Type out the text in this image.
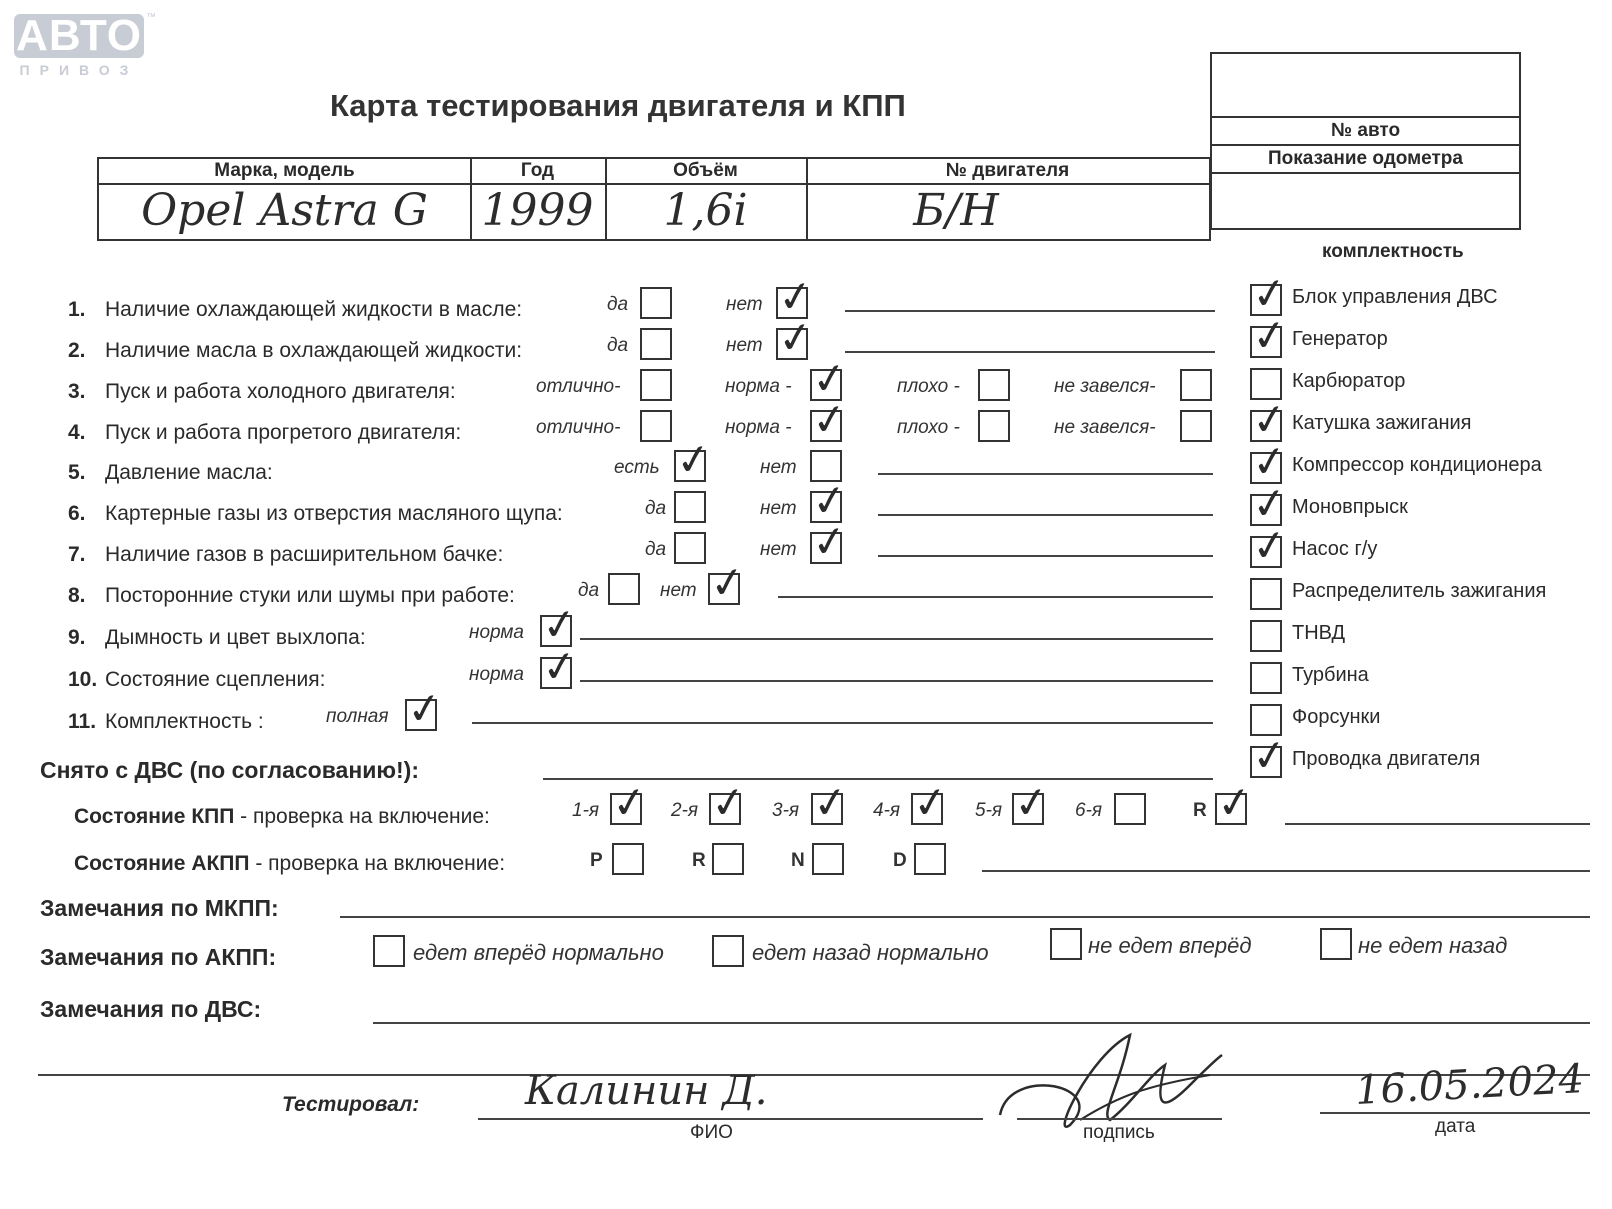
АВТО
ПРИВОЗ
™
Карта тестирования двигателя и КПП
Марка, модель	Год	Объём	№ двигателя
Opel Astra G	1999	1,6i	Б/Н
№ авто
Показание одометра
комплектность
Снято с ДВС (по согласованию!):
Состояние КПП - проверка на включение:
Состояние АКПП - проверка на включение:
Замечания по МКПП:
Замечания по АКПП:
Замечания по ДВС:
Тестировал:	Калинин Д.
ФИО	подпись
16.05.2024
дата
✓ Блок управления ДВС
✓ Генератор
Карбюратор
✓ Катушка зажигания
✓ Компрессор кондиционера
✓ Моновпрыск
✓ Насос г/у
Распределитель зажигания
ТНВД
Турбина
Форсунки
✓ Проводка двигателя
1. Наличие охлаждающей жидкости в масле:	да	нет ✓
2. Наличие масла в охлаждающей жидкости:	да	нет ✓
3. Пуск и работа холодного двигателя:	отлично-	норма - ✓ плохо -	не завелся-
4. Пуск и работа прогретого двигателя:	отлично-	норма - ✓ плохо -	не завелся-
5. Давление масла:	есть ✓ нет
6. Картерные газы из отверстия масляного щупа:	да	нет ✓
7. Наличие газов в расширительном бачке:	да	нет ✓
8. Посторонние стуки или шумы при работе:	да	нет ✓
9. Дымность и цвет выхлопа:	норма ✓
10. Состояние сцепления:	норма ✓
11. Комплектность :	полная ✓
1-я ✓ 2-я ✓ 3-я ✓ 4-я ✓ 5-я ✓ 6-я	R ✓
P	R	N	D
едет вперёд нормально	едет назад нормально	не едет вперёд	не едет назад
